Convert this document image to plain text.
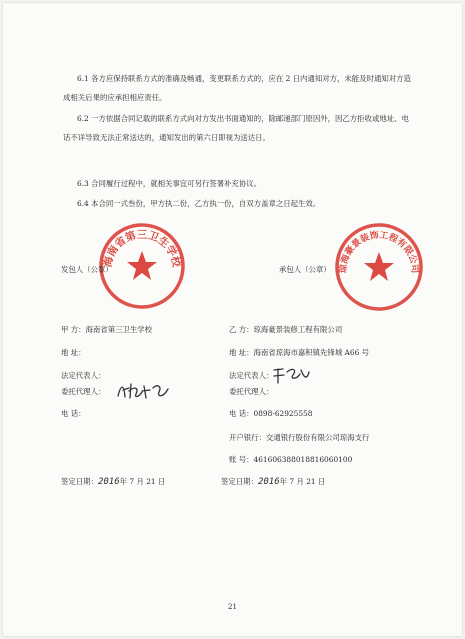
6.1 各方应保持联系方式的准确及畅通，变更联系方式的，应在 2 日内通知对方，未能及时通知对方造成相关后果的应承担相应责任。
6.2 一方依据合同记载的联系方式向对方发出书面通知的，除邮递部门原因外，因乙方拒收或地址、电话不详导致无法正常送达的，通知发出的第六日即视为送达日。
6.3 合同履行过程中，就相关事宜可另行签署补充协议。
6.4 本合同一式叁份，甲方执二份，乙方执一份，自双方盖章之日起生效。
海南省第三卫生学校
琼海豪景装饰工程有限公司
发包人（公章）	承包人（公章）
甲 方：海南省第三卫生学校
地 址：
法定代表人：
委托代理人：
电 话：
乙 方：琼海豪景装修工程有限公司
地 址：海南省琼海市嘉积镇先锋城 A66 号
法定代表人：
委托代理人：
电 话：0898-62925558
开户银行：交通银行股份有限公司琼海支行
账 号：461606388018816060100
签定日期：2016年 7 月 21 日	签定日期：2016年 7 月 21 日
21
